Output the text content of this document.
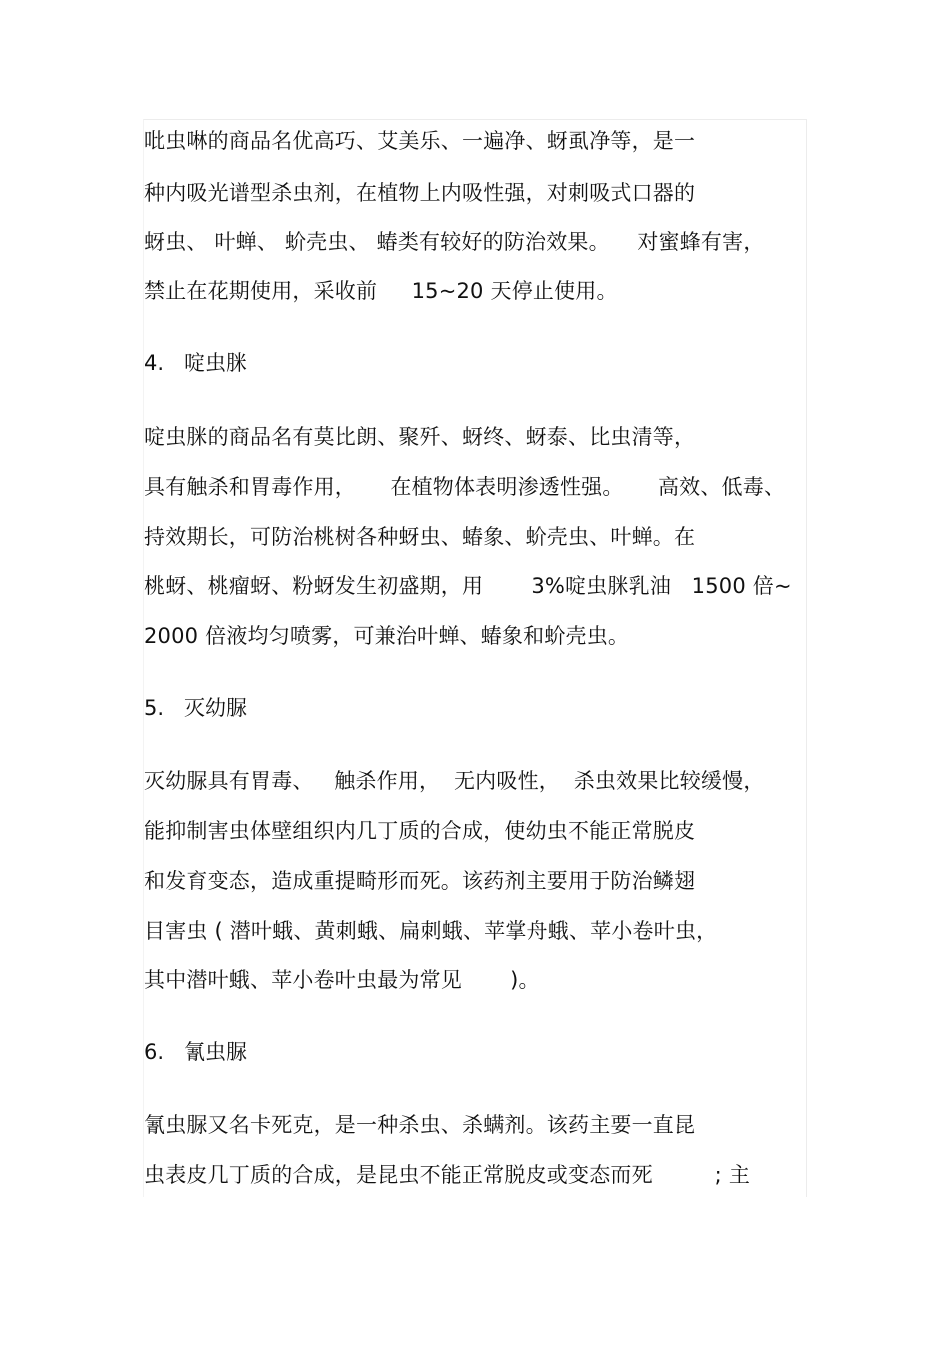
吡虫啉的商品名优高巧、艾美乐、一遍净、蚜虱净等，是一
种内吸光谱型杀虫剂，在植物上内吸性强，对刺吸式口器的
蚜虫、 叶蝉、 蚧壳虫、 蝽类有较好的防治效果。    对蜜蜂有害，
禁止在花期使用，采收前     15~20 天停止使用。
4.   啶虫脒
啶虫脒的商品名有莫比朗、聚歼、蚜终、蚜泰、比虫清等，
具有触杀和胃毒作用，     在植物体表明渗透性强。     高效、低毒、
持效期长，可防治桃树各种蚜虫、蝽象、蚧壳虫、叶蝉。在
桃蚜、桃瘤蚜、粉蚜发生初盛期，用       3%啶虫脒乳油   1500 倍~
2000 倍液均匀喷雾，可兼治叶蝉、蝽象和蚧壳虫。
5.   灭幼脲
灭幼脲具有胃毒、   触杀作用，  无内吸性，  杀虫效果比较缓慢，
能抑制害虫体壁组织内几丁质的合成，使幼虫不能正常脱皮
和发育变态，造成重提畸形而死。该药剂主要用于防治鳞翅
目害虫 ( 潜叶蛾、黄刺蛾、扁刺蛾、苹掌舟蛾、苹小卷叶虫，
其中潜叶蛾、苹小卷叶虫最为常见       )。
6.   氰虫脲
氰虫脲又名卡死克，是一种杀虫、杀螨剂。该药主要一直昆
虫表皮几丁质的合成，是昆虫不能正常脱皮或变态而死         ; 主
